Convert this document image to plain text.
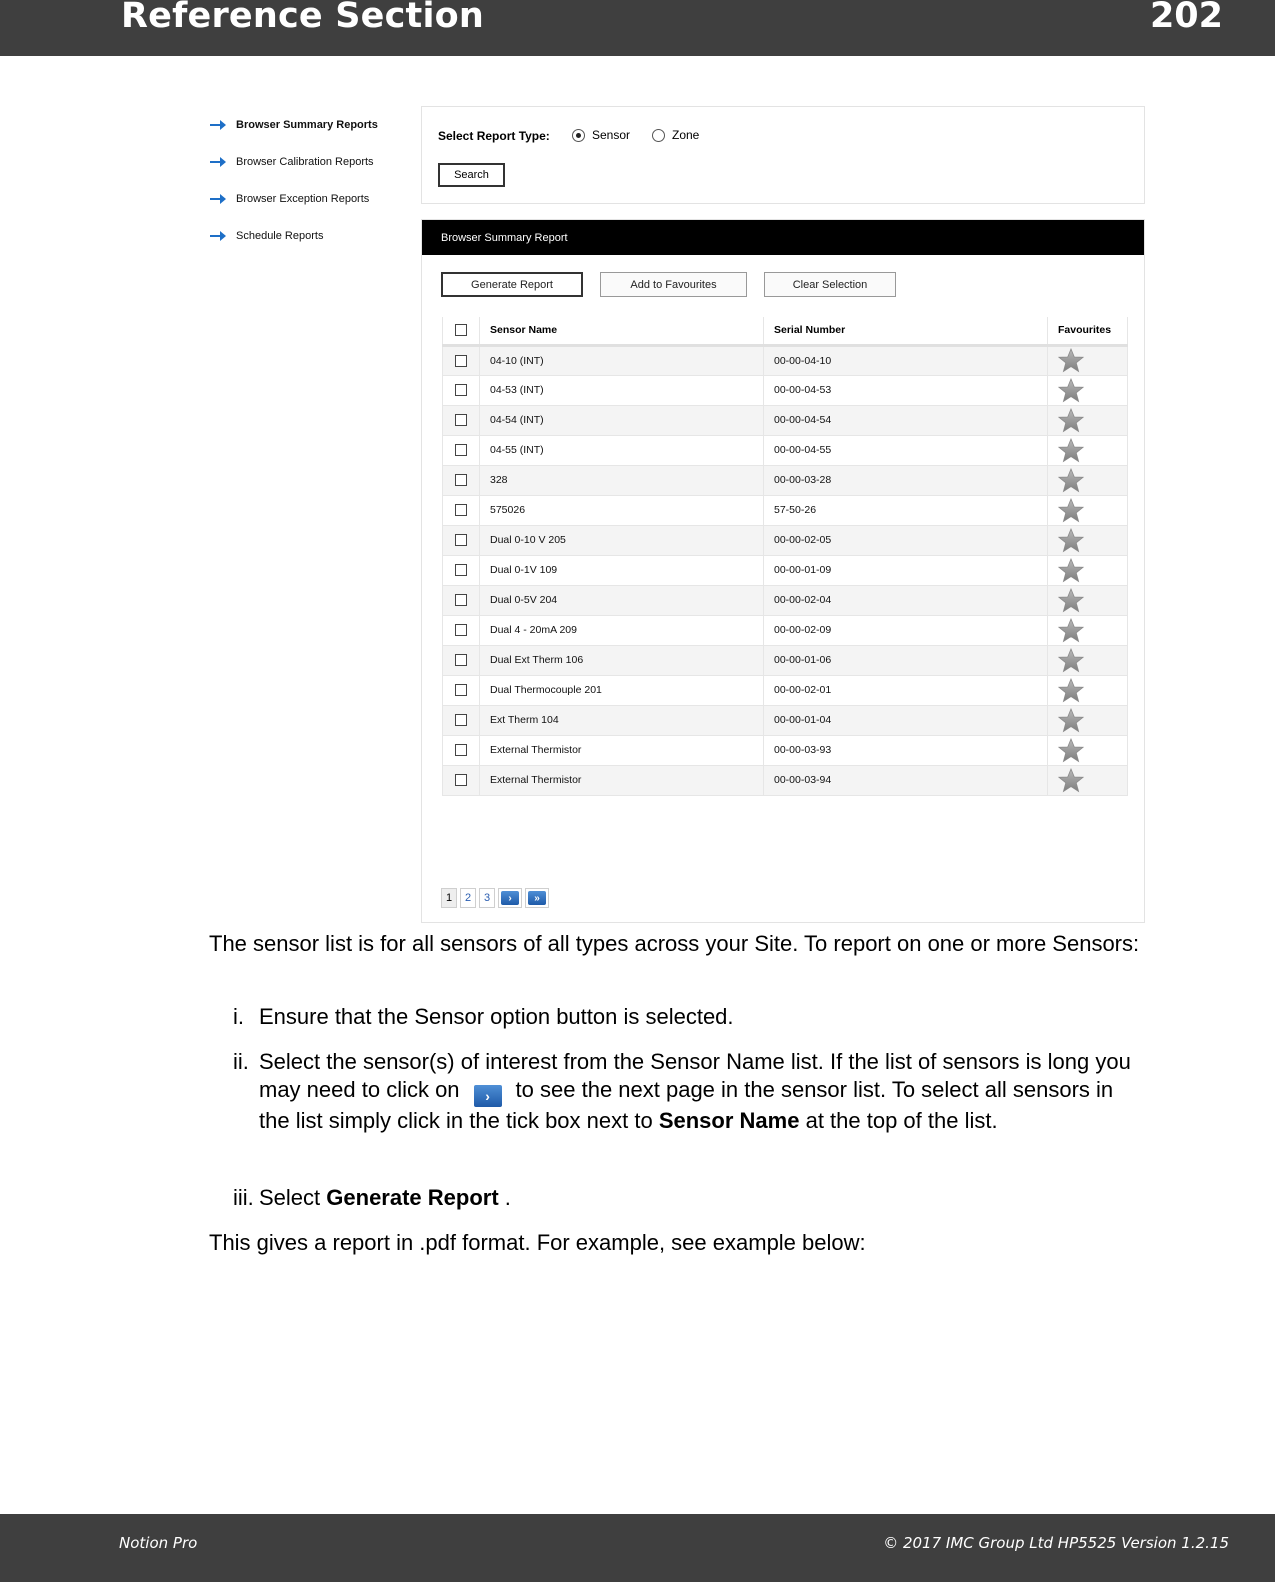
Reference Section	202
Browser Summary Reports
Browser Calibration Reports
Browser Exception Reports
Schedule Reports
Select Report Type:	Sensor	Zone
Search
Browser Summary Report
Generate Report	Add to Favourites	Clear Selection
	Sensor Name	Serial Number	Favourites
	04-10 (INT)	00-00-04-10	

	04-53 (INT)	00-00-04-53	

	04-54 (INT)	00-00-04-54	

	04-55 (INT)	00-00-04-55	

	328	00-00-03-28	

	575026	57-50-26	

	Dual 0-10 V 205	00-00-02-05	

	Dual 0-1V 109	00-00-01-09	

	Dual 0-5V 204	00-00-02-04	

	Dual 4 - 20mA 209	00-00-02-09	

	Dual Ext Therm 106	00-00-01-06	

	Dual Thermocouple 201	00-00-02-01	

	Ext Therm 104	00-00-01-04	

	External Thermistor	00-00-03-93	

	External Thermistor	00-00-03-94	
1	2	3	›	»
The sensor list is for all sensors of all types across your Site. To report on one or more Sensors:
i. Ensure that the Sensor option button is selected.
ii. Select the sensor(s) of interest from the Sensor Name list. If the list of sensors is long you may need to click on	›	to see the next page in the sensor list. To select all sensors in the list simply click in the tick box next to Sensor Name at the top of the list.
iii. Select Generate Report .
This gives a report in .pdf format. For example, see example below:
Notion Pro	© 2017 IMC Group Ltd HP5525 Version 1.2.15
